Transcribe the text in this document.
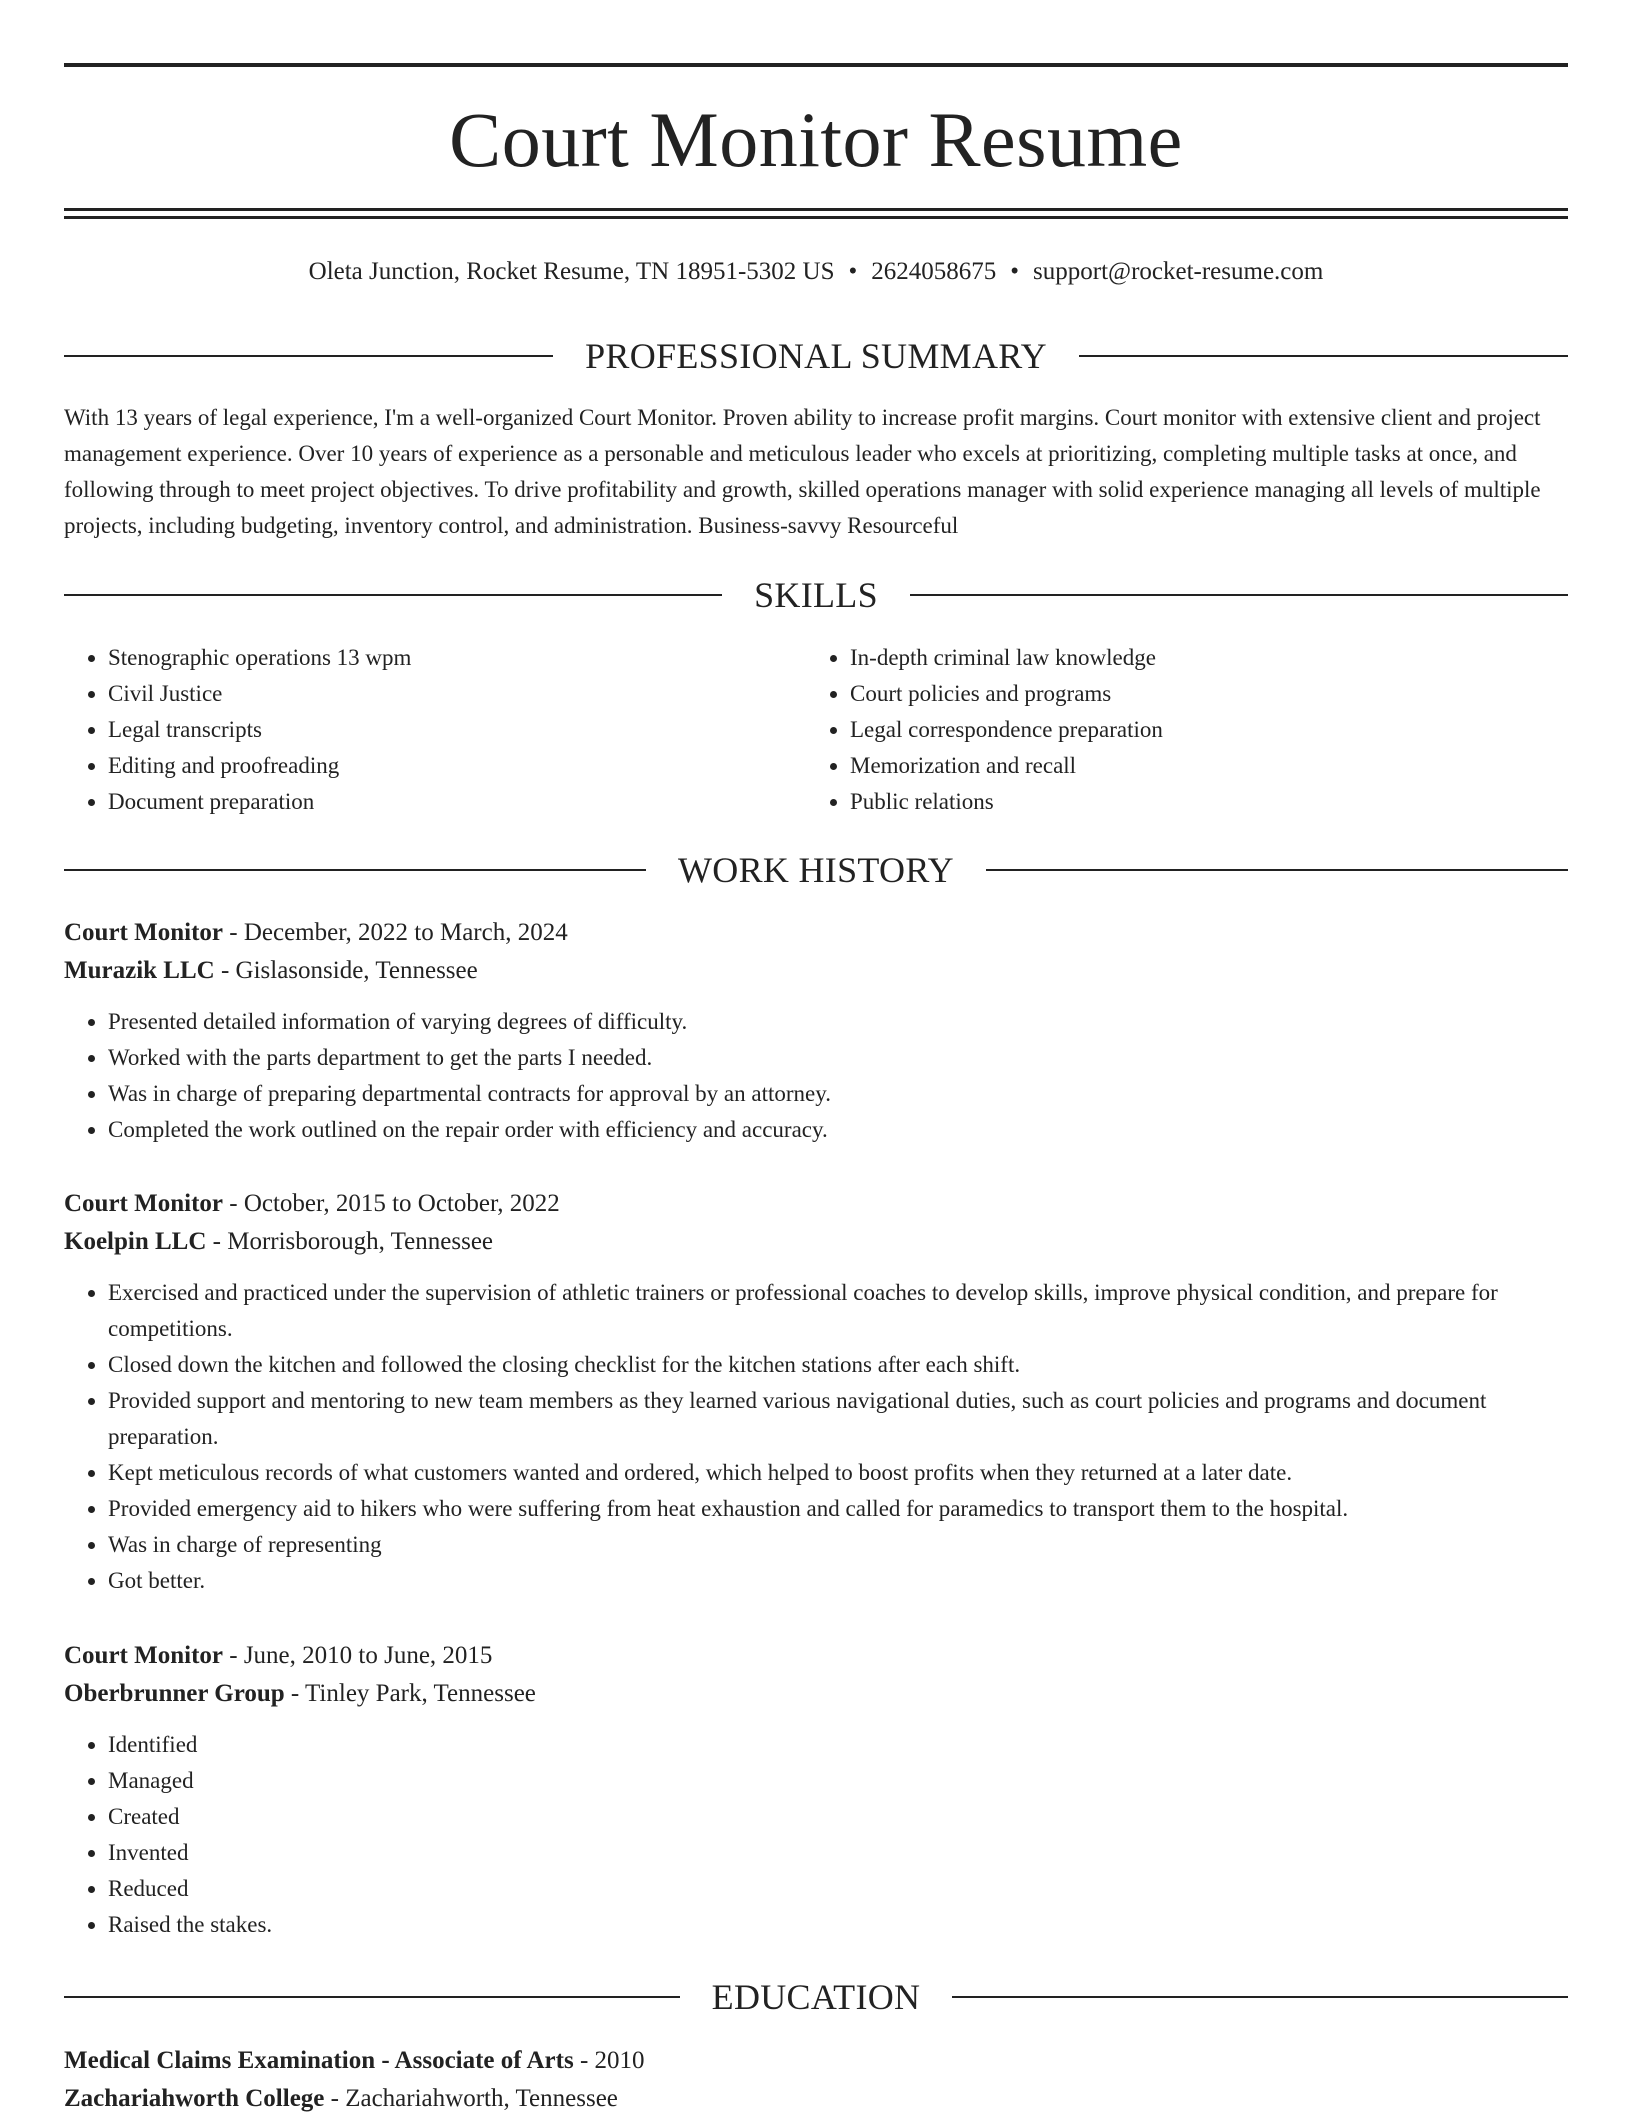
Court Monitor Resume
Oleta Junction, Rocket Resume, TN 18951-5302 US • 2624058675 • support@rocket-resume.com
PROFESSIONAL SUMMARY

With 13 years of legal experience, I'm a well-organized Court Monitor. Proven ability to increase profit margins. Court monitor with extensive client and project management experience. Over 10 years of experience as a personable and meticulous leader who excels at prioritizing, completing multiple tasks at once, and following through to meet project objectives. To drive profitability and growth, skilled operations manager with solid experience managing all levels of multiple projects, including budgeting, inventory control, and administration. Business-savvy Resourceful

SKILLS
• Stenographic operations 13 wpm
• Civil Justice
• Legal transcripts
• Editing and proofreading
• Document preparation
• In-depth criminal law knowledge
• Court policies and programs
• Legal correspondence preparation
• Memorization and recall
• Public relations
WORK HISTORY
Court Monitor - December, 2022 to March, 2024
Murazik LLC - Gislasonside, Tennessee
• Presented detailed information of varying degrees of difficulty.
• Worked with the parts department to get the parts I needed.
• Was in charge of preparing departmental contracts for approval by an attorney.
• Completed the work outlined on the repair order with efficiency and accuracy.
Court Monitor - October, 2015 to October, 2022
Koelpin LLC - Morrisborough, Tennessee
• Exercised and practiced under the supervision of athletic trainers or professional coaches to develop skills, improve physical condition, and prepare for competitions.
• Closed down the kitchen and followed the closing checklist for the kitchen stations after each shift.
• Provided support and mentoring to new team members as they learned various navigational duties, such as court policies and programs and document preparation.
• Kept meticulous records of what customers wanted and ordered, which helped to boost profits when they returned at a later date.
• Provided emergency aid to hikers who were suffering from heat exhaustion and called for paramedics to transport them to the hospital.
• Was in charge of representing
• Got better.
Court Monitor - June, 2010 to June, 2015
Oberbrunner Group - Tinley Park, Tennessee
• Identified
• Managed
• Created
• Invented
• Reduced
• Raised the stakes.
EDUCATION
Medical Claims Examination - Associate of Arts - 2010
Zachariahworth College - Zachariahworth, Tennessee
